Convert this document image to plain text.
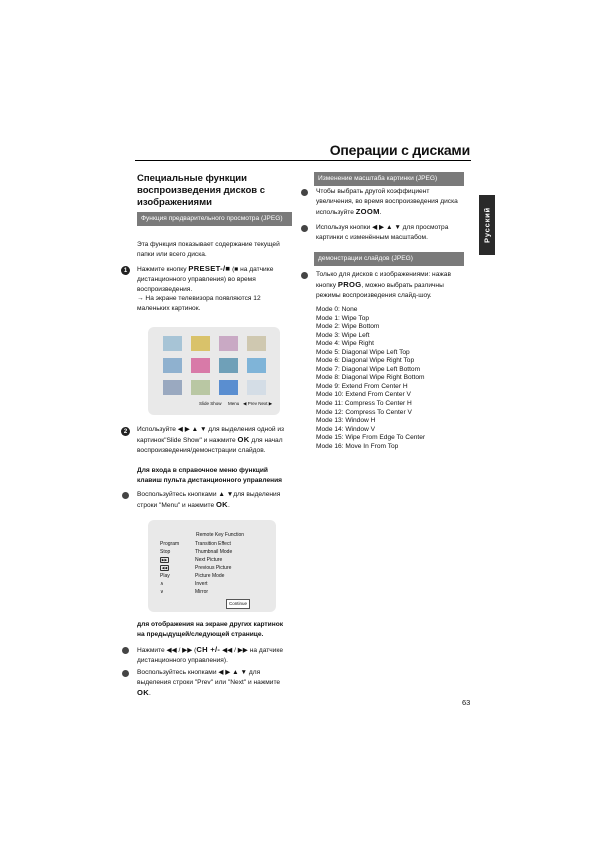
Операции с дисками
Русский
Специальные функции воспроизведения дисков с изображениями
Функция предварительного просмотра (JPEG)
Эта функция показывает содержание текущей папки или всего диска.
1	Нажмите кнопку PRESET-/■ (■ на датчике дистанционного управления) во время воспроизведения.
→ На экране телевизора появляются 12 маленьких картинок.
Slide Show Menu ◀ Prev Next ▶
2	Используйте ◀ ▶ ▲ ▼ для выделения одной из картинок"Slide Show" и нажмите OK для начал воспроизведения/демонстрации слайдов.
Для входа в справочное меню функций клавиш пульта дистанционного управления
Воспользуйтесь кнопками ▲ ▼для выделения строки "Menu" и нажмите OK.
Remote Key Function
Program	Transition Effect
Stop	Thumbnail Mode
▶▶	Next Picture
◀◀	Previous Picture
Play	Picture Mode
∧	Invert
∨	Mirror
Continue
для отображения на экране других картинок на предыдущей/следующей странице.
Нажмите ◀◀ / ▶▶ (CH +/- ◀◀ / ▶▶ на датчике дистанционного управления).
Воспользуйтесь кнопками ◀ ▶ ▲ ▼ для выделения строки "Prev" или "Next" и нажмите OK.
Изменение масштаба картинки (JPEG)
Чтобы выбрать другой коэффициент увеличения, во время воспроизведения диска используйте ZOOM.
Используя кнопки ◀ ▶ ▲ ▼ для просмотра картинки с изменённым масштабом.
демонстрации слайдов (JPEG)
Только для дисков с изображениями: нажав кнопку PROG, можно выбрать различны режимы воспроизведения слайд-шоу.
Mode 0: None
Mode 1: Wipe Top
Mode 2: Wipe Bottom
Mode 3: Wipe Left
Mode 4: Wipe Right
Mode 5: Diagonal Wipe Left Top
Mode 6: Diagonal Wipe Right Top
Mode 7: Diagonal Wipe Left Bottom
Mode 8: Diagonal Wipe Right Bottom
Mode 9: Extend From Center H
Mode 10: Extend From Center V
Mode 11: Compress To Center H
Mode 12: Compress To Center V
Mode 13: Window H
Mode 14: Window V
Mode 15: Wipe From Edge To Center
Mode 16: Move In From Top
63
